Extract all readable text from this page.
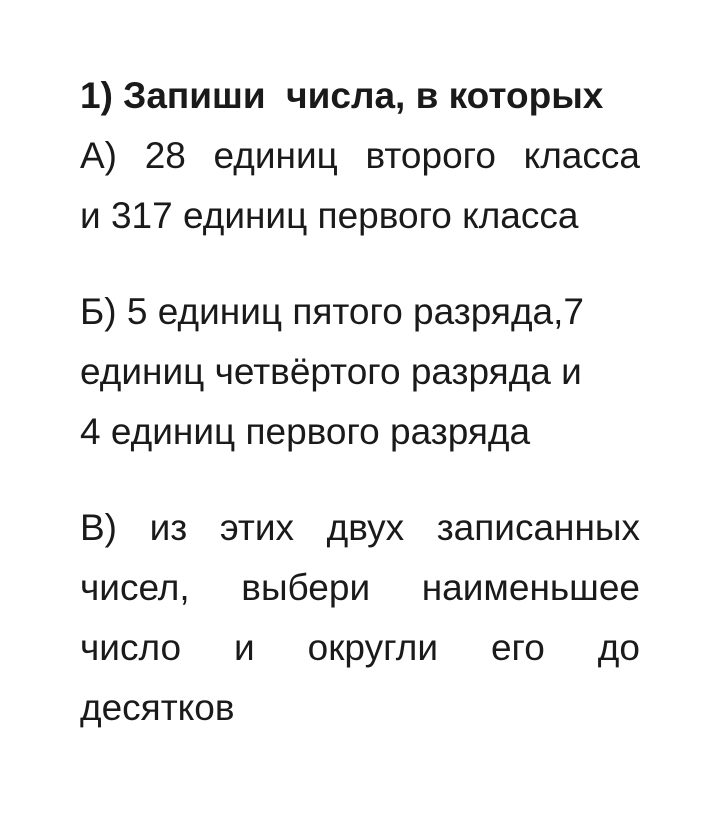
1) Запиши  числа, в которых
А) 28 единиц второго класса
и 317 единиц первого класса
Б) 5 единиц пятого разряда,7
единиц четвёртого разряда и
4 единиц первого разряда
В) из этих двух записанных
чисел, выбери наименьшее
число и округли его до
десятков
